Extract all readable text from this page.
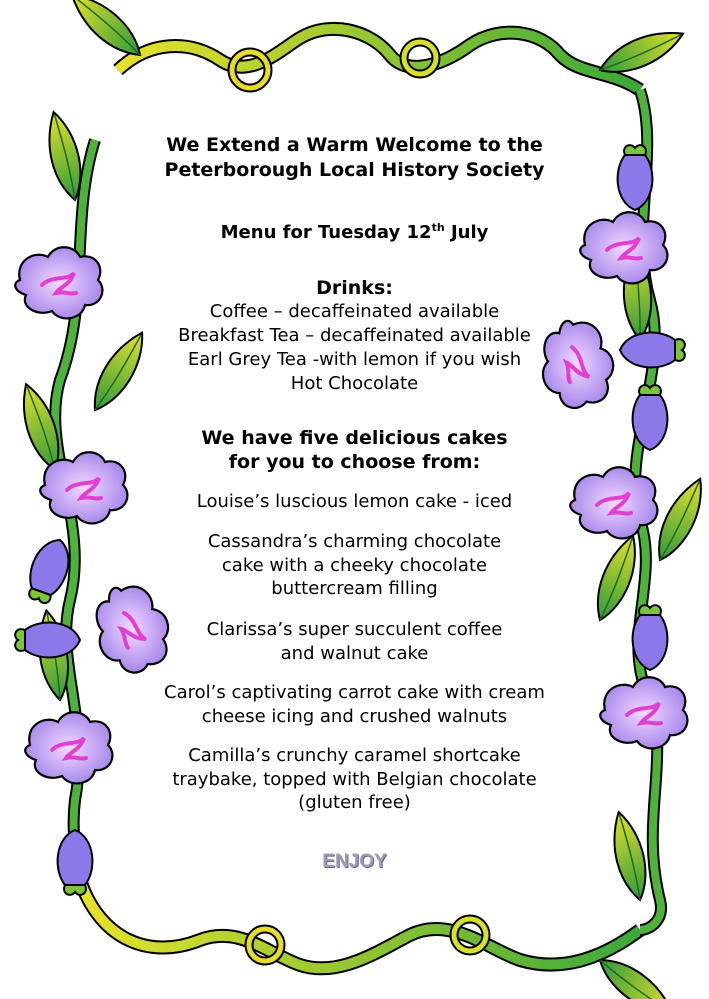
We Extend a Warm Welcome to the
Peterborough Local History Society
Menu for Tuesday 12th July
Drinks:
Coffee – decaffeinated available
Breakfast Tea – decaffeinated available
Earl Grey Tea -with lemon if you wish
Hot Chocolate
We have five delicious cakes
for you to choose from:
Louise’s luscious lemon cake - iced
Cassandra’s charming chocolate
cake with a cheeky chocolate
buttercream filling
Clarissa’s super succulent coffee
and walnut cake
Carol’s captivating carrot cake with cream
cheese icing and crushed walnuts
Camilla’s crunchy caramel shortcake
traybake, topped with Belgian chocolate
(gluten free)
ENJOY
